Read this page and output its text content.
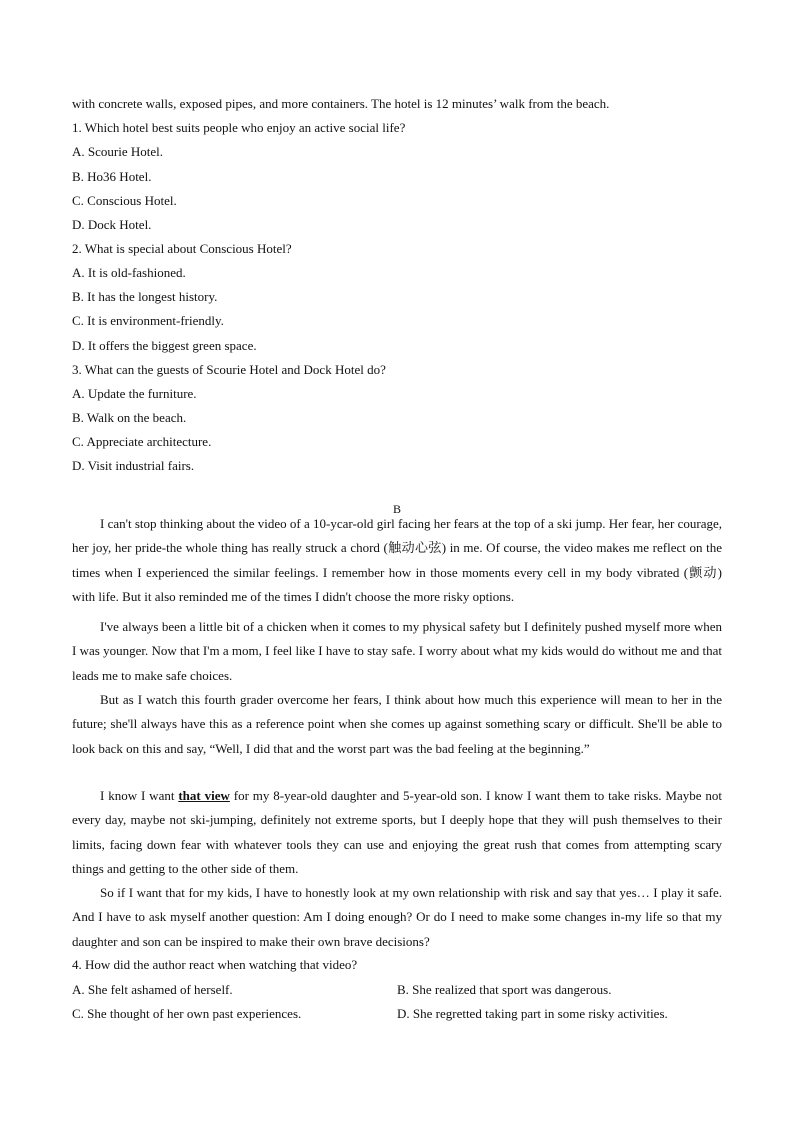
with concrete walls, exposed pipes, and more containers. The hotel is 12 minutes’ walk from the beach.
1. Which hotel best suits people who enjoy an active social life?
A. Scourie Hotel.
B. Ho36 Hotel.
C. Conscious Hotel.
D. Dock Hotel.
2. What is special about Conscious Hotel?
A. It is old-fashioned.
B. It has the longest history.
C. It is environment-friendly.
D. It offers the biggest green space.
3. What can the guests of Scourie Hotel and Dock Hotel do?
A. Update the furniture.
B. Walk on the beach.
C. Appreciate architecture.
D. Visit industrial fairs.
B
I can't stop thinking about the video of a 10-ycar-old girl facing her fears at the top of a ski jump. Her fear, her courage, her joy, her pride-the whole thing has really struck a chord (触动心弦) in me. Of course, the video makes me reflect on the times when I experienced the similar feelings. I remember how in those moments every cell in my body vibrated (颤动) with life. But it also reminded me of the times I didn't choose the more risky options.
I've always been a little bit of a chicken when it comes to my physical safety but I definitely pushed myself more when I was younger. Now that I'm a mom, I feel like I have to stay safe. I worry about what my kids would do without me and that leads me to make safe choices.
But as I watch this fourth grader overcome her fears, I think about how much this experience will mean to her in the future; she'll always have this as a reference point when she comes up against something scary or difficult. She'll be able to look back on this and say, “Well, I did that and the worst part was the bad feeling at the beginning.”
I know I want that view for my 8-year-old daughter and 5-year-old son. I know I want them to take risks. Maybe not every day, maybe not ski-jumping, definitely not extreme sports, but I deeply hope that they will push themselves to their limits, facing down fear with whatever tools they can use and enjoying the great rush that comes from attempting scary things and getting to the other side of them.
So if I want that for my kids, I have to honestly look at my own relationship with risk and say that yes… I play it safe. And I have to ask myself another question: Am I doing enough? Or do I need to make some changes in-my life so that my daughter and son can be inspired to make their own brave decisions?
4. How did the author react when watching that video?
A. She felt ashamed of herself.	B. She realized that sport was dangerous.
C. She thought of her own past experiences.	D. She regretted taking part in some risky activities.
